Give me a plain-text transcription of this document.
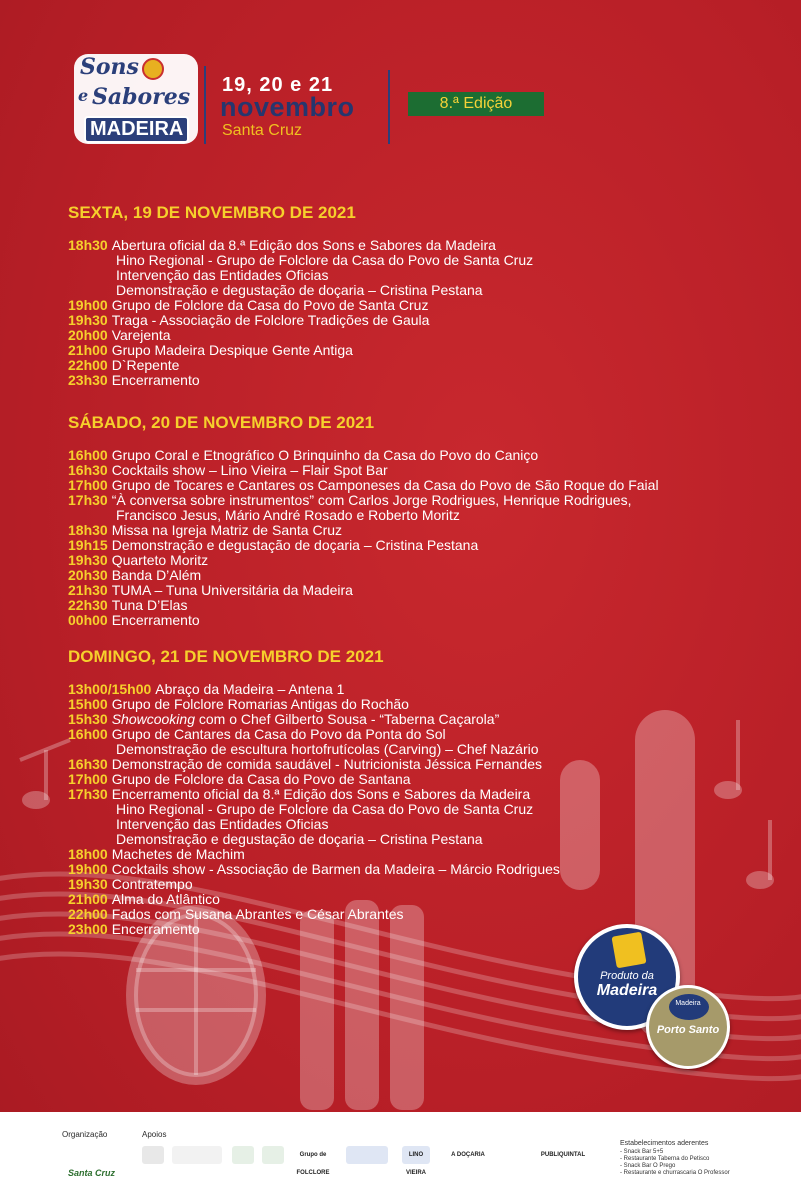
Sons
e Sabores
MADEIRA
19, 20 e 21
novembro
Santa Cruz
8.ª Edição
SEXTA, 19 DE NOVEMBRO DE 2021
18h30 Abertura oficial da 8.ª Edição dos Sons e Sabores da Madeira
Hino Regional - Grupo de Folclore da Casa do Povo de Santa Cruz
Intervenção das Entidades Oficias
Demonstração e degustação de doçaria – Cristina Pestana
19h00 Grupo de Folclore da Casa do Povo de Santa Cruz
19h30 Traga - Associação de Folclore Tradições de Gaula
20h00 Varejenta
21h00 Grupo Madeira Despique Gente Antiga
22h00 D`Repente
23h30 Encerramento
SÁBADO, 20 DE NOVEMBRO DE 2021
16h00 Grupo Coral e Etnográfico O Brinquinho da Casa do Povo do Caniço
16h30 Cocktails show – Lino Vieira – Flair Spot Bar
17h00 Grupo de Tocares e Cantares os Camponeses da Casa do Povo de São Roque do Faial
17h30 “À conversa sobre instrumentos” com Carlos Jorge Rodrigues, Henrique Rodrigues,
Francisco Jesus, Mário André Rosado e Roberto Moritz
18h30 Missa na Igreja Matriz de Santa Cruz
19h15 Demonstração e degustação de doçaria – Cristina Pestana
19h30 Quarteto Moritz
20h30 Banda D’Além
21h30 TUMA – Tuna Universitária da Madeira
22h30 Tuna D’Elas
00h00 Encerramento
DOMINGO, 21 DE NOVEMBRO DE 2021
13h00/15h00 Abraço da Madeira – Antena 1
15h00 Grupo de Folclore Romarias Antigas do Rochão
15h30 Showcooking
com o Chef Gilberto Sousa - “Taberna Caçarola”
16h00 Grupo de Cantares da Casa do Povo da Ponta do Sol
Demonstração de escultura hortofrutícolas (Carving) – Chef Nazário
16h30 Demonstração de comida saudável - Nutricionista Jéssica Fernandes
17h00 Grupo de Folclore da Casa do Povo de Santana
17h30 Encerramento oficial da 8.ª Edição dos Sons e Sabores da Madeira
Hino Regional - Grupo de Folclore da Casa do Povo de Santa Cruz
Intervenção das Entidades Oficias
Demonstração e degustação de doçaria – Cristina Pestana
18h00 Machetes de Machim
19h00 Cocktails show - Associação de Barmen da Madeira – Márcio Rodrigues
19h30 Contratempo
21h00 Alma do Atlântico
22h00 Fados com Susana Abrantes e César Abrantes
23h00 Encerramento
Produto da
Madeira
Madeira
Porto Santo
Organização
Santa Cruz
Apoios
Grupo de FOLCLORE
LINO VIEIRA
A DOÇARIA	PUBLIQUINTAL
Estabelecimentos aderentes
- Snack Bar 5+5
- Restaurante Taberna do Petisco
- Snack Bar O Prego
- Restaurante e churrascaria O Professor
